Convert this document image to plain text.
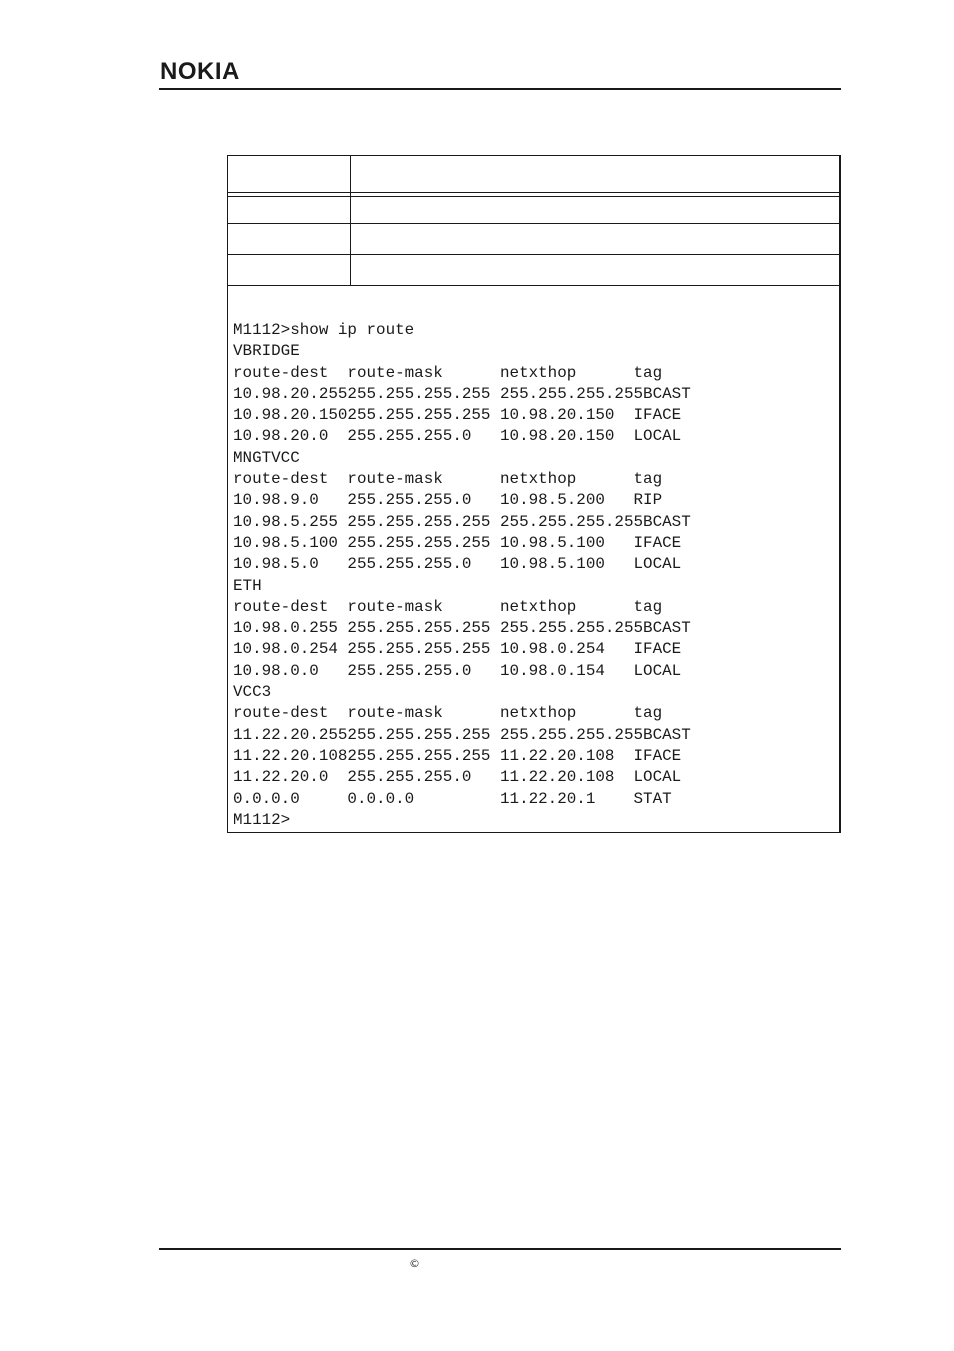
NOKIA
M1112>show ip route
VBRIDGE
route-dest  route-mask      netxthop      tag
10.98.20.255255.255.255.255 255.255.255.255BCAST
10.98.20.150255.255.255.255 10.98.20.150  IFACE
10.98.20.0  255.255.255.0   10.98.20.150  LOCAL
MNGTVCC
route-dest  route-mask      netxthop      tag
10.98.9.0   255.255.255.0   10.98.5.200   RIP
10.98.5.255 255.255.255.255 255.255.255.255BCAST
10.98.5.100 255.255.255.255 10.98.5.100   IFACE
10.98.5.0   255.255.255.0   10.98.5.100   LOCAL
ETH
route-dest  route-mask      netxthop      tag
10.98.0.255 255.255.255.255 255.255.255.255BCAST
10.98.0.254 255.255.255.255 10.98.0.254   IFACE
10.98.0.0   255.255.255.0   10.98.0.154   LOCAL
VCC3
route-dest  route-mask      netxthop      tag
11.22.20.255255.255.255.255 255.255.255.255BCAST
11.22.20.108255.255.255.255 11.22.20.108  IFACE
11.22.20.0  255.255.255.0   11.22.20.108  LOCAL
0.0.0.0     0.0.0.0         11.22.20.1    STAT
M1112>
©
